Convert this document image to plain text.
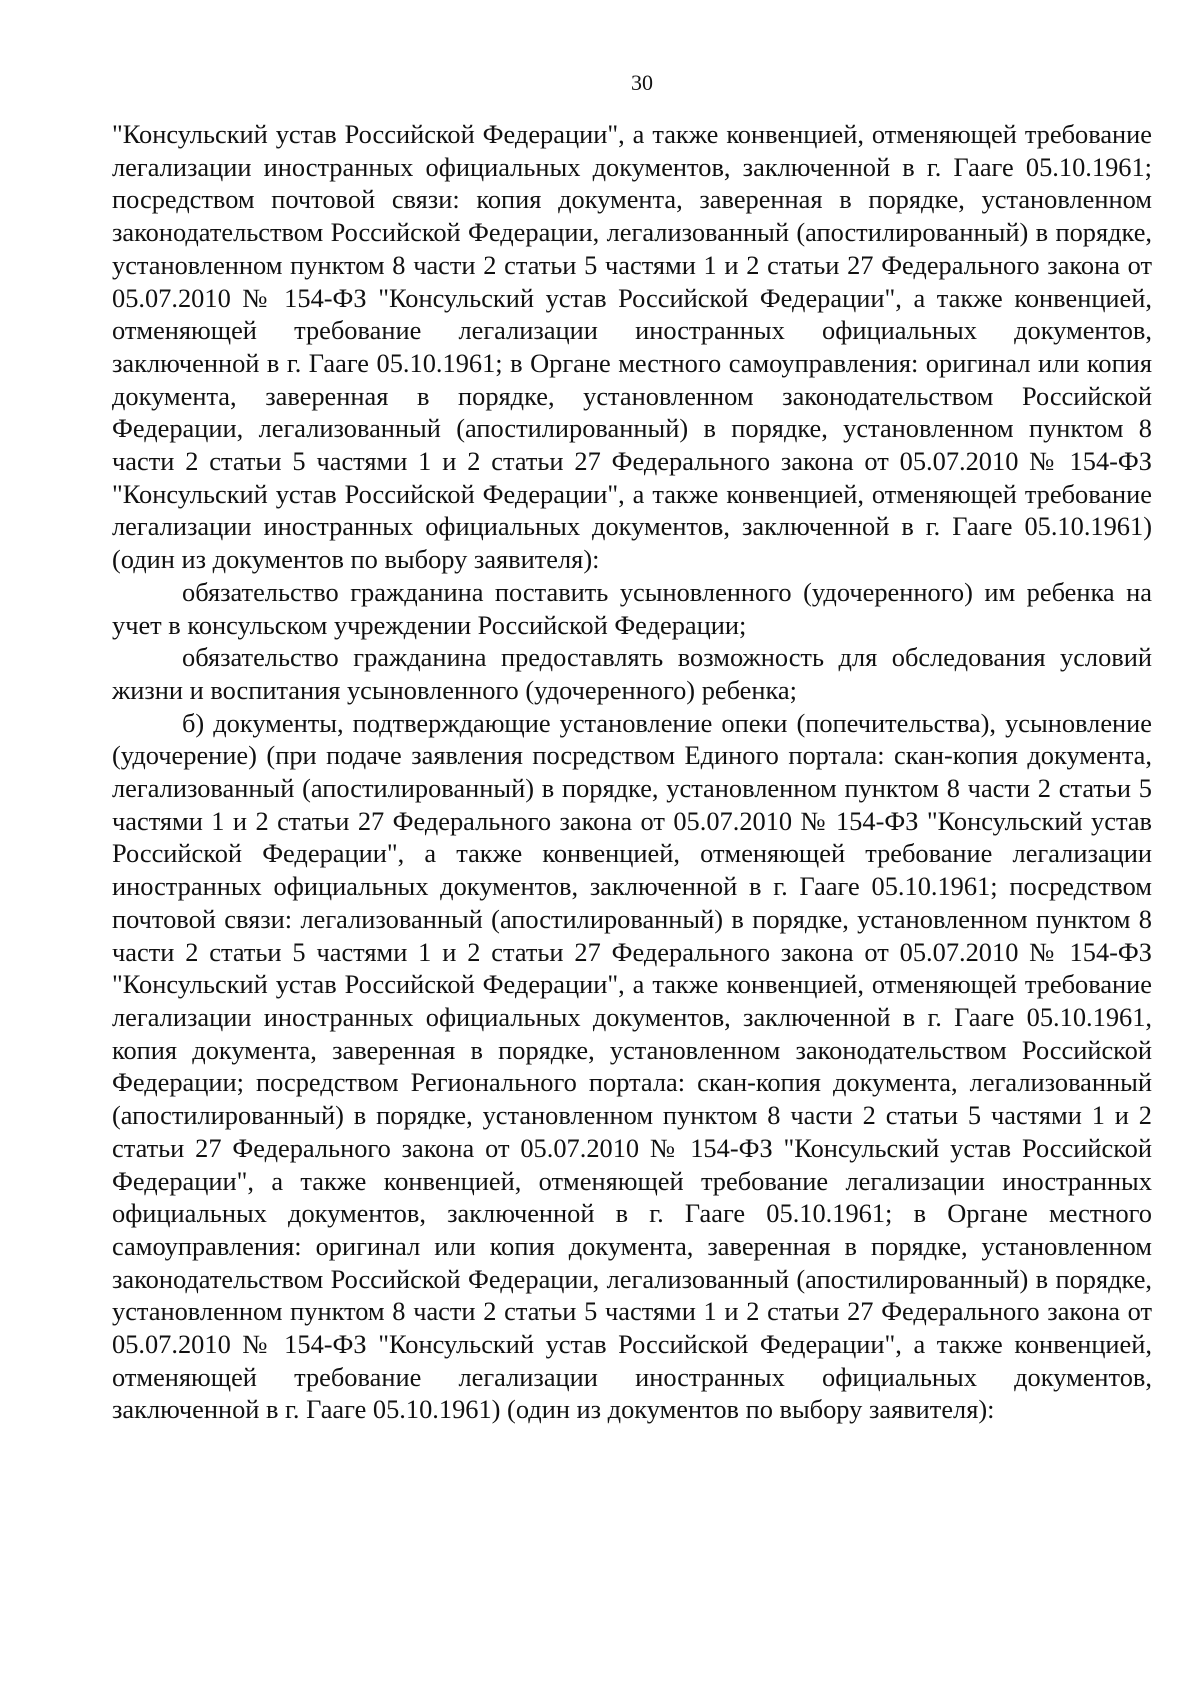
30

"Консульский устав Российской Федерации", а также конвенцией, отменяющей требование легализации иностранных официальных документов, заключенной в г. Гааге 05.10.1961; посредством почтовой связи: копия документа, заверенная в порядке, установленном законодательством Российской Федерации, легализованный (апостилированный) в порядке, установленном пунктом 8 части 2 статьи 5 частями 1 и 2 статьи 27 Федерального закона от 05.07.2010 № 154-ФЗ "Консульский устав Российской Федерации", а также конвенцией, отменяющей требование легализации иностранных официальных документов, заключенной в г. Гааге 05.10.1961; в Органе местного самоуправления: оригинал или копия документа, заверенная в порядке, установленном законодательством Российской Федерации, легализованный (апостилированный) в порядке, установленном пунктом 8 части 2 статьи 5 частями 1 и 2 статьи 27 Федерального закона от 05.07.2010 № 154-ФЗ "Консульский устав Российской Федерации", а также конвенцией, отменяющей требование легализации иностранных официальных документов, заключенной в г. Гааге 05.10.1961) (один из документов по выбору заявителя):

обязательство гражданина поставить усыновленного (удочеренного) им ребенка на учет в консульском учреждении Российской Федерации;

обязательство гражданина предоставлять возможность для обследования условий жизни и воспитания усыновленного (удочеренного) ребенка;

б) документы, подтверждающие установление опеки (попечительства), усыновление (удочерение) (при подаче заявления посредством Единого портала: скан-копия документа, легализованный (апостилированный) в порядке, установленном пунктом 8 части 2 статьи 5 частями 1 и 2 статьи 27 Федерального закона от 05.07.2010 № 154-ФЗ "Консульский устав Российской Федерации", а также конвенцией, отменяющей требование легализации иностранных официальных документов, заключенной в г. Гааге 05.10.1961; посредством почтовой связи: легализованный (апостилированный) в порядке, установленном пунктом 8 части 2 статьи 5 частями 1 и 2 статьи 27 Федерального закона от 05.07.2010 № 154-ФЗ "Консульский устав Российской Федерации", а также конвенцией, отменяющей требование легализации иностранных официальных документов, заключенной в г. Гааге 05.10.1961, копия документа, заверенная в порядке, установленном законодательством Российской Федерации; посредством Регионального портала: скан-копия документа, легализованный (апостилированный) в порядке, установленном пунктом 8 части 2 статьи 5 частями 1 и 2 статьи 27 Федерального закона от 05.07.2010 № 154-ФЗ "Консульский устав Российской Федерации", а также конвенцией, отменяющей требование легализации иностранных официальных документов, заключенной в г. Гааге 05.10.1961; в Органе местного самоуправления: оригинал или копия документа, заверенная в порядке, установленном законодательством Российской Федерации, легализованный (апостилированный) в порядке, установленном пунктом 8 части 2 статьи 5 частями 1 и 2 статьи 27 Федерального закона от 05.07.2010 № 154-ФЗ "Консульский устав Российской Федерации", а также конвенцией, отменяющей требование легализации иностранных официальных документов, заключенной в г. Гааге 05.10.1961) (один из документов по выбору заявителя):
